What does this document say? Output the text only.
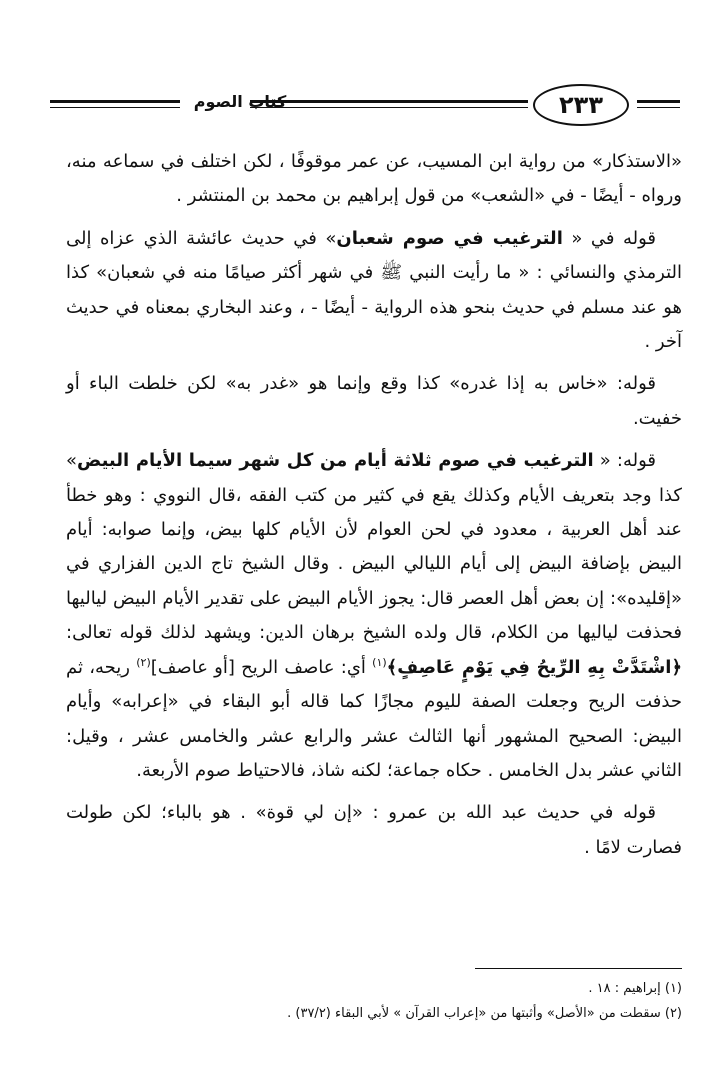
٢٣٣
كتاب الصوم

«الاستذكار» من رواية ابن المسيب، عن عمر موقوفًا ، لكن اختلف في سماعه منه، ورواه - أيضًا - في «الشعب» من قول إبراهيم بن محمد بن المنتشر .

قوله في « الترغيب في صوم شعبان» في حديث عائشة الذي عزاه إلى الترمذي والنسائي : « ما رأيت النبي ﷺ في شهر أكثر صيامًا منه في شعبان» كذا هو عند مسلم في حديث بنحو هذه الرواية - أيضًا - ، وعند البخاري بمعناه في حديث آخر .

قوله: «خاس به إذا غدره» كذا وقع وإنما هو «غدر به» لكن خلطت الباء أو خفيت.

قوله: « الترغيب في صوم ثلاثة أيام من كل شهر سيما الأيام البيض» كذا وجد بتعريف الأيام وكذلك يقع في كثير من كتب الفقه ،قال النووي : وهو خطأ عند أهل العربية ، معدود في لحن العوام لأن الأيام كلها بيض، وإنما صوابه: أيام البيض بإضافة البيض إلى أيام الليالي البيض . وقال الشيخ تاج الدين الفزاري في «إقليده»: إن بعض أهل العصر قال: يجوز الأيام البيض على تقدير الأيام البيض لياليها فحذفت لياليها من الكلام، قال ولده الشيخ برهان الدين: ويشهد لذلك قوله تعالى: ﴿اشْتَدَّتْ بِهِ الرِّيحُ فِي يَوْمٍ عَاصِفٍ﴾$^{(١)}$ أي: عاصف الريح [أو عاصف]$^{(٢)}$ ريحه، ثم حذفت الريح وجعلت الصفة لليوم مجازًا كما قاله أبو البقاء في «إعرابه» وأيام البيض: الصحيح المشهور أنها الثالث عشر والرابع عشر والخامس عشر ، وقيل: الثاني عشر بدل الخامس . حكاه جماعة؛ لكنه شاذ، فالاحتياط صوم الأربعة.

قوله في حديث عبد الله بن عمرو : «إن لي قوة» . هو بالباء؛ لكن طولت فصارت لامًا .

(١) إبراهيم : ١٨ .

(٢) سقطت من «الأصل» وأثبتها من «إعراب القرآن » لأبي البقاء (٣٧/٢) .
